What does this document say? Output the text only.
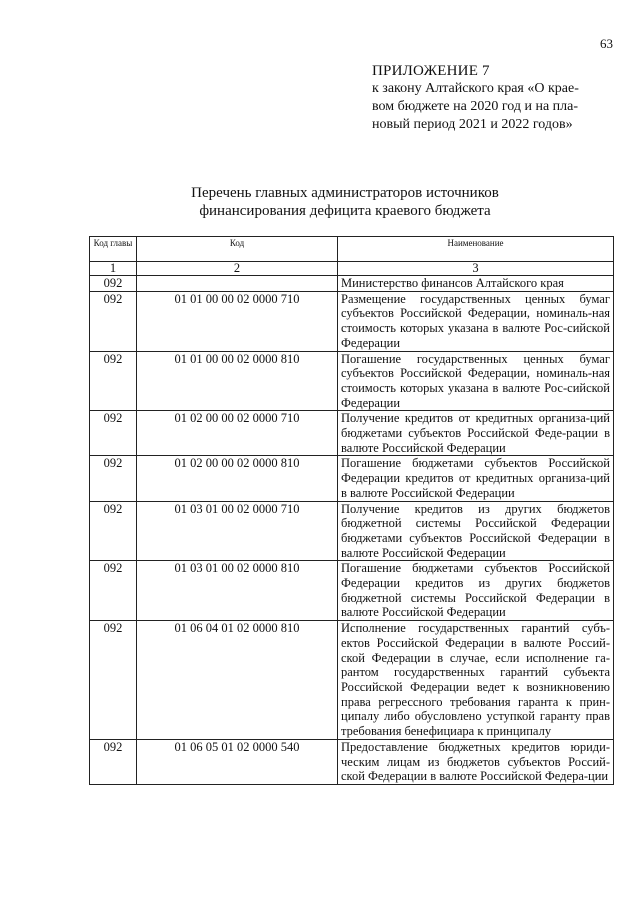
63
ПРИЛОЖЕНИЕ 7
к закону Алтайского края «О крае-
вом бюджете на 2020 год и на пла-
новый период 2021 и 2022 годов»
Перечень главных администраторов источников
финансирования дефицита краевого бюджета
Код главы	Код	Наименование
1	2	3
092		Министерство финансов Алтайского края
092	01 01 00 00 02 0000 710	Размещение государственных ценных бумаг субъектов Российской Федерации, номиналь-ная стоимость которых указана в валюте Рос-сийской Федерации
092	01 01 00 00 02 0000 810	Погашение государственных ценных бумаг субъектов Российской Федерации, номиналь-ная стоимость которых указана в валюте Рос-сийской Федерации
092	01 02 00 00 02 0000 710	Получение кредитов от кредитных организа-ций бюджетами субъектов Российской Феде-рации в валюте Российской Федерации
092	01 02 00 00 02 0000 810	Погашение бюджетами субъектов Российской Федерации кредитов от кредитных организа-ций в валюте Российской Федерации
092	01 03 01 00 02 0000 710	Получение кредитов из других бюджетов бюджетной системы Российской Федерации бюджетами субъектов Российской Федерации в валюте Российской Федерации
092	01 03 01 00 02 0000 810	Погашение бюджетами субъектов Российской Федерации кредитов из других бюджетов бюджетной системы Российской Федерации в валюте Российской Федерации
092	01 06 04 01 02 0000 810	Исполнение государственных гарантий субъ-ектов Российской Федерации в валюте Россий-ской Федерации в случае, если исполнение га-рантом государственных гарантий субъекта Российской Федерации ведет к возникновению права регрессного требования гаранта к прин-ципалу либо обусловлено уступкой гаранту прав требования бенефициара к принципалу
092	01 06 05 01 02 0000 540	Предоставление бюджетных кредитов юриди-ческим лицам из бюджетов субъектов Россий-ской Федерации в валюте Российской Федера-ции
